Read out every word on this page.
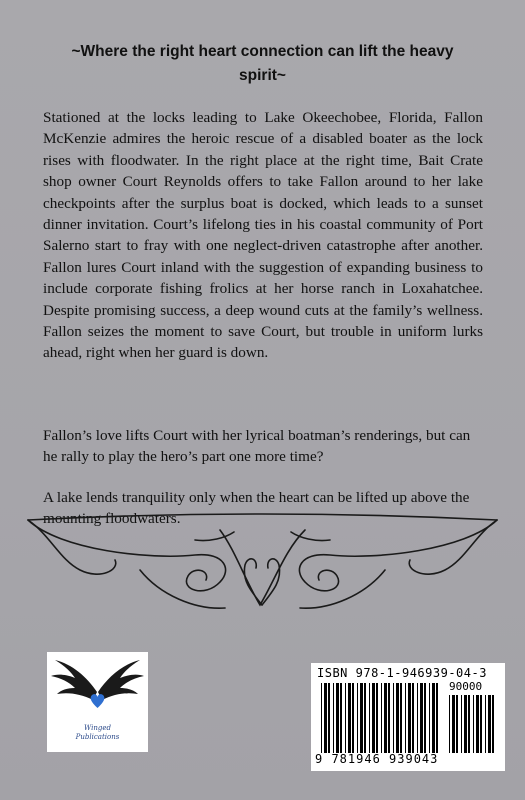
~Where the right heart connection can lift the heavy spirit~
Stationed at the locks leading to Lake Okeechobee, Florida, Fallon McKenzie admires the heroic rescue of a disabled boater as the lock rises with floodwater. In the right place at the right time, Bait Crate shop owner Court Reynolds offers to take Fallon around to her lake checkpoints after the surplus boat is docked, which leads to a sunset dinner invitation. Court’s lifelong ties in his coastal community of Port Salerno start to fray with one neglect-driven catastrophe after another. Fallon lures Court inland with the suggestion of expanding business to include corporate fishing frolics at her horse ranch in Loxahatchee. Despite promising success, a deep wound cuts at the family’s wellness. Fallon seizes the moment to save Court, but trouble in uniform lurks ahead, right when her guard is down.
Fallon’s love lifts Court with her lyrical boatman’s renderings, but can he rally to play the hero’s part one more time?
A lake lends tranquility only when the heart can be lifted up above the mounting floodwaters.
Winged
Publications
ISBN 978-1-946939-04-3
90000
9 781946 939043
